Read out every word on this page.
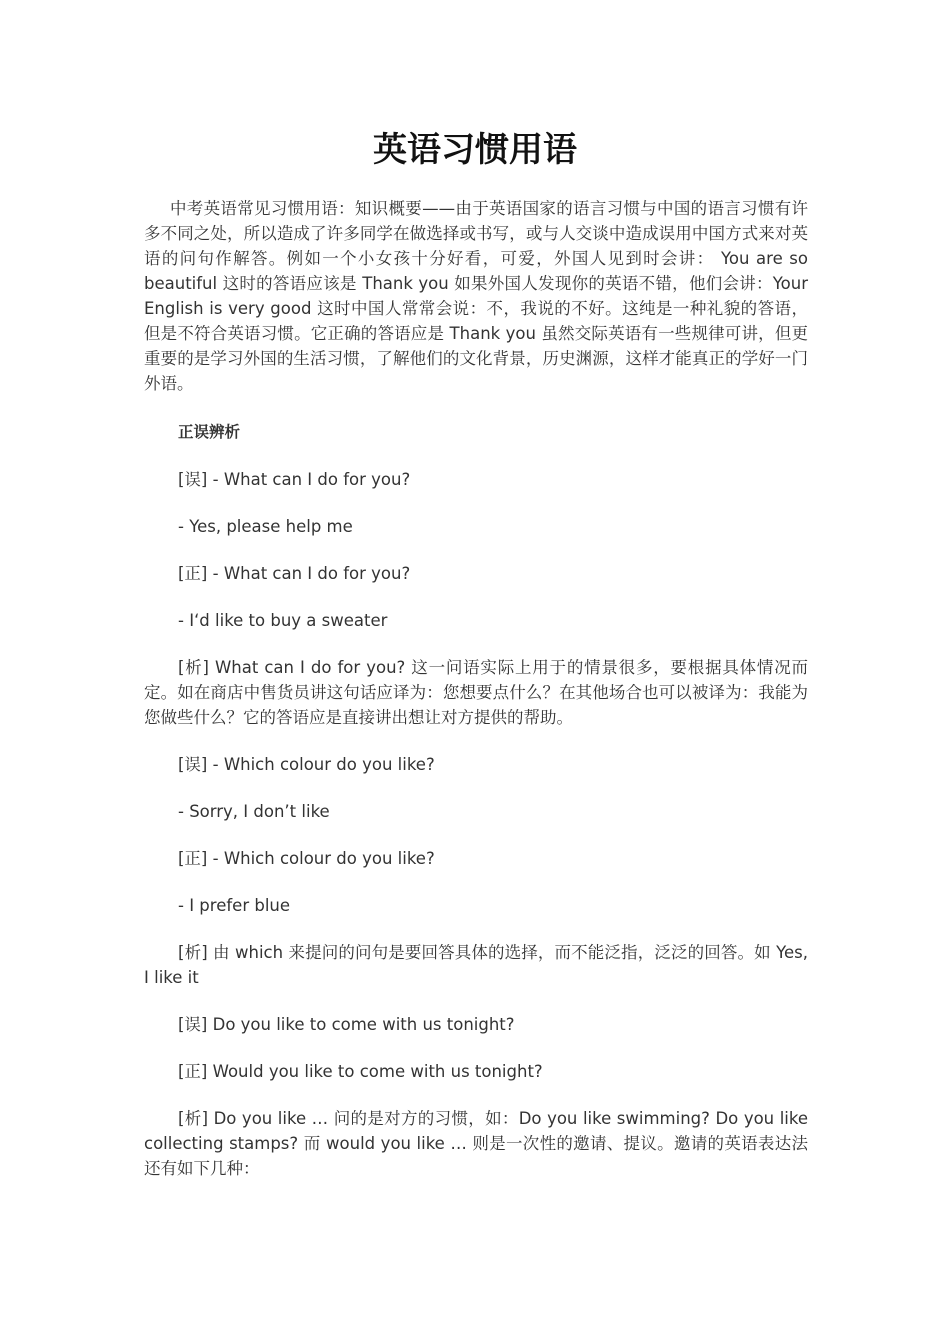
英语习惯用语

中考英语常见习惯用语：知识概要——由于英语国家的语言习惯与中国的语言习惯有许多不同之处，所以造成了许多同学在做选择或书写，或与人交谈中造成误用中国方式来对英语的问句作解答。例如一个小女孩十分好看，可爱，外国人见到时会讲： You are so beautiful 这时的答语应该是 Thank you 如果外国人发现你的英语不错，他们会讲：Your English is very good 这时中国人常常会说：不，我说的不好。这纯是一种礼貌的答语，但是不符合英语习惯。它正确的答语应是 Thank you 虽然交际英语有一些规律可讲，但更重要的是学习外国的生活习惯，了解他们的文化背景，历史渊源，这样才能真正的学好一门外语。

正误辨析

[误] - What can I do for you?

- Yes, please help me

[正] - What can I do for you?

- I‘d like to buy a sweater

[析] What can I do for you? 这一问语实际上用于的情景很多，要根据具体情况而定。如在商店中售货员讲这句话应译为：您想要点什么？在其他场合也可以被译为：我能为您做些什么？它的答语应是直接讲出想让对方提供的帮助。

[误] - Which colour do you like?

- Sorry, I don’t like

[正] - Which colour do you like?

- I prefer blue

[析] 由 which 来提问的问句是要回答具体的选择，而不能泛指，泛泛的回答。如 Yes, I like it

[误] Do you like to come with us tonight?

[正] Would you like to come with us tonight?

[析] Do you like … 问的是对方的习惯，如：Do you like swimming? Do you like collecting stamps? 而 would you like … 则是一次性的邀请、提议。邀请的英语表达法还有如下几种：
